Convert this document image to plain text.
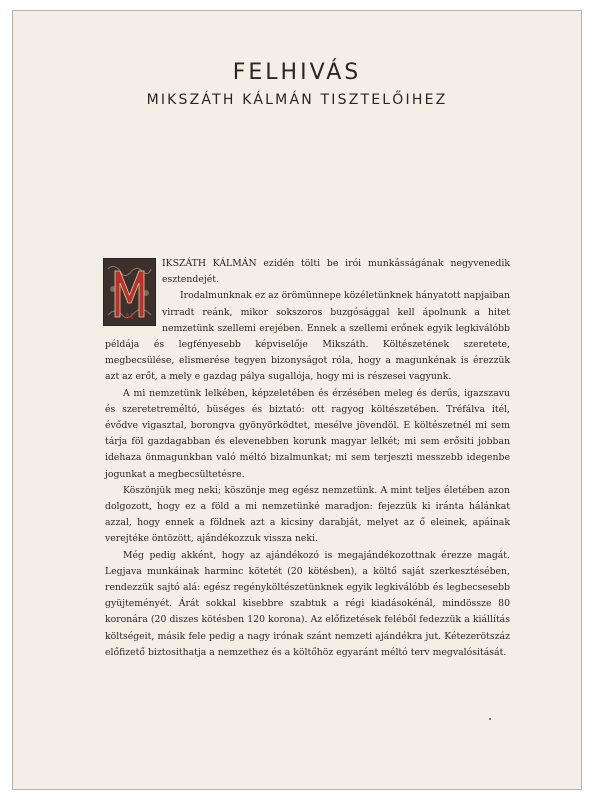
FELHIVÁS
MIKSZÁTH KÁLMÁN TISZTELŐIHEZ
M

IKSZÁTH KÁLMÁN ezidén tölti be irói munkásságának negyvenedik esztendejét.

Irodalmunknak ez az örömünnepe közéletünknek hányatott napjaiban virradt reánk, mikor sokszoros buzgósággal kell ápolnunk a hitet nemzetünk szellemi erejében. Ennek a szellemi erőnek egyik legkiválóbb példája és legfényesebb képviselője Mikszáth. Költészetének szeretete, megbecsülése, elismerése tegyen bizonyságot róla, hogy a magunkénak is érezzük azt az erőt, a mely e gazdag pálya sugallója, hogy mi is részesei vagyunk.

A mi nemzetünk lelkében, képzeletében és érzésében meleg és derűs, igazszavu és szeretetreméltó, büséges és biztató: ott ragyog költészetében. Tréfálva itél, évődve vigasztal, borongva gyönyörködtet, mesélve jövendöl. E költészetnél mi sem tárja föl gazdagabban és elevenebben korunk magyar lelkét; mi sem erősiti jobban idehaza önmagunkban való méltó bizalmunkat; mi sem terjeszti messzebb idegenbe jogunkat a megbecsültetésre.

Köszönjük meg neki; köszönje meg egész nemzetünk. A mint teljes életében azon dolgozott, hogy ez a föld a mi nemzetünké maradjon: fejezzük ki iránta hálánkat azzal, hogy ennek a földnek azt a kicsiny darabját, melyet az ő eleinek, apáinak verejtéke öntözött, ajándékozzuk vissza neki.

Még pedig akként, hogy az ajándékozó is megajándékozottnak érezze magát. Legjava munkáinak harminc kötetét (20 kötésben), a költő saját szerkesztésében, rendezzük sajtó alá: egész regényköltészetünknek egyik legkiválóbb és legbecsesebb gyüjteményét. Árát sokkal kisebbre szabtuk a régi kiadásokénál, mindössze 80 koronára (20 diszes kötésben 120 korona). Az előfizetések feléből fedezzük a kiállítás költségeit, másik fele pedig a nagy irónak szánt nemzeti ajándékra jut. Kétezerötszáz előfizető biztosithatja a nemzethez és a költőhöz egyaránt méltó terv megvalósitását.
